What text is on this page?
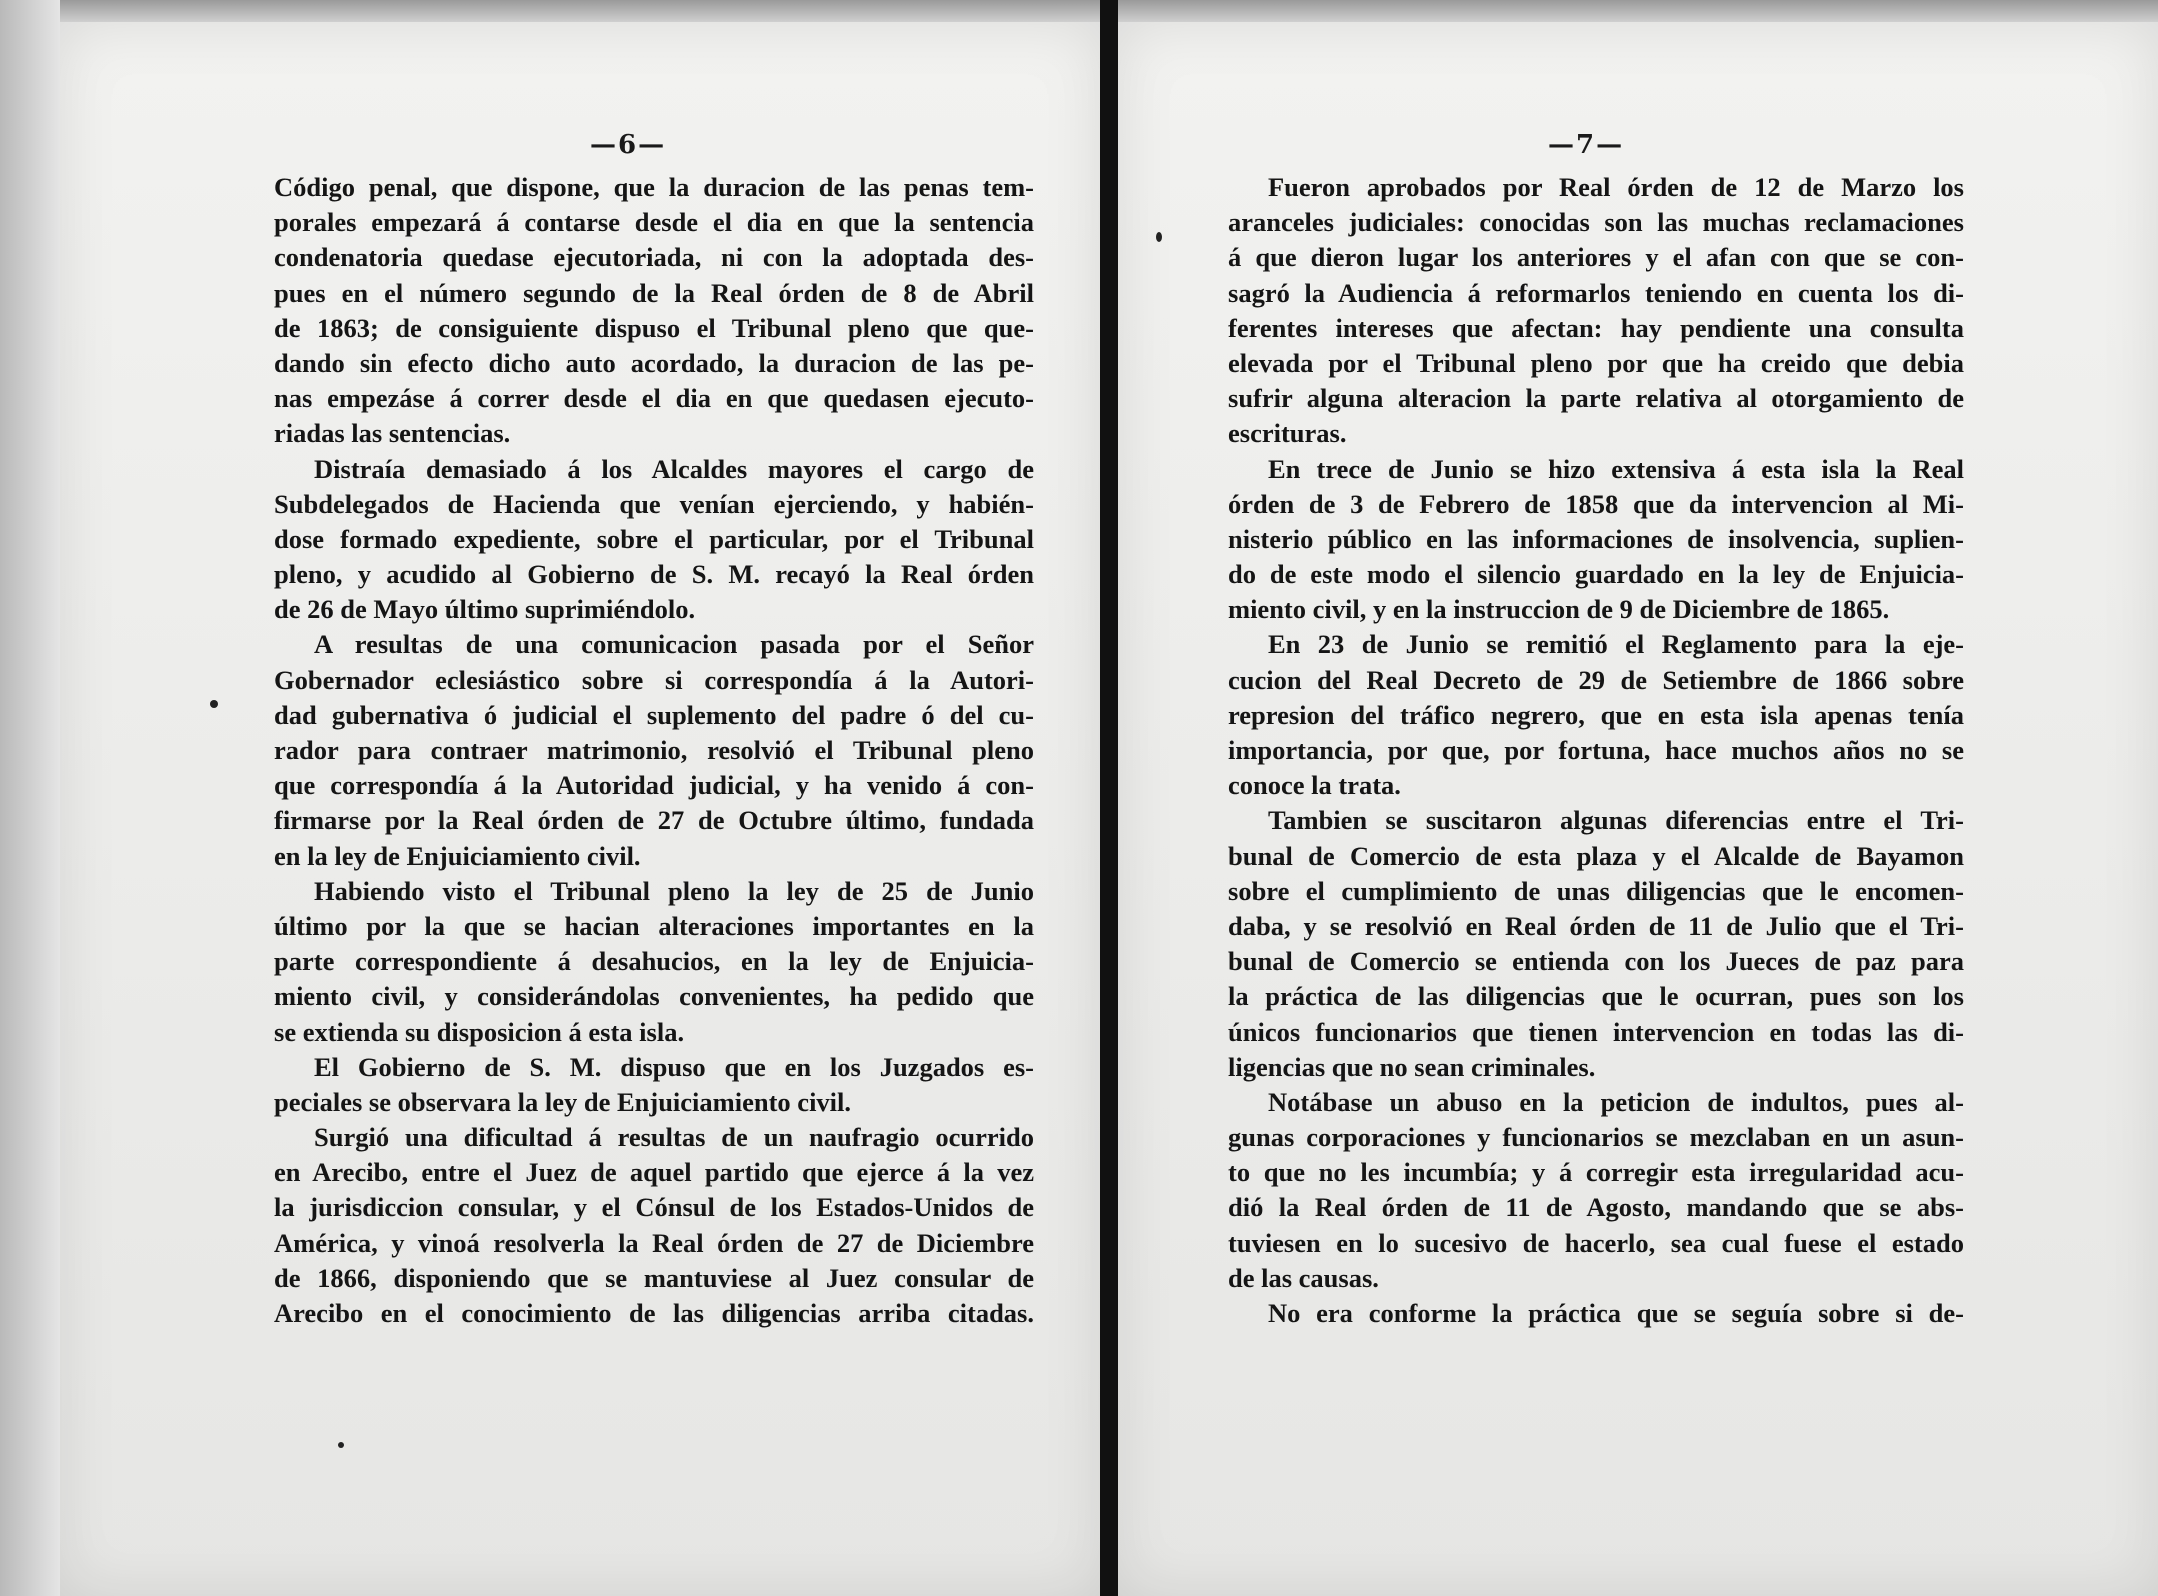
—6—
Código penal, que dispone, que la duracion de las penas tem-
porales empezará á contarse desde el dia en que la sentencia
condenatoria quedase ejecutoriada, ni con la adoptada des-
pues en el número segundo de la Real órden de 8 de Abril
de 1863; de consiguiente dispuso el Tribunal pleno que que-
dando sin efecto dicho auto acordado, la duracion de las pe-
nas empezáse á correr desde el dia en que quedasen ejecuto-
riadas las sentencias.
Distraía demasiado á los Alcaldes mayores el cargo de
Subdelegados de Hacienda que venían ejerciendo, y habién-
dose formado expediente, sobre el particular, por el Tribunal
pleno, y acudido al Gobierno de S. M. recayó la Real órden
de 26 de Mayo último suprimiéndolo.
A resultas de una comunicacion pasada por el Señor
Gobernador eclesiástico sobre si correspondía á la Autori-
dad gubernativa ó judicial el suplemento del padre ó del cu-
rador para contraer matrimonio, resolvió el Tribunal pleno
que correspondía á la Autoridad judicial, y ha venido á con-
firmarse por la Real órden de 27 de Octubre último, fundada
en la ley de Enjuiciamiento civil.
Habiendo visto el Tribunal pleno la ley de 25 de Junio
último por la que se hacian alteraciones importantes en la
parte correspondiente á desahucios, en la ley de Enjuicia-
miento civil, y considerándolas convenientes, ha pedido que
se extienda su disposicion á esta isla.
El Gobierno de S. M. dispuso que en los Juzgados es-
peciales se observara la ley de Enjuiciamiento civil.
Surgió una dificultad á resultas de un naufragio ocurrido
en Arecibo, entre el Juez de aquel partido que ejerce á la vez
la jurisdiccion consular, y el Cónsul de los Estados-Unidos de
América, y vinoá resolverla la Real órden de 27 de Diciembre
de 1866, disponiendo que se mantuviese al Juez consular de
Arecibo en el conocimiento de las diligencias arriba citadas.
—7—
Fueron aprobados por Real órden de 12 de Marzo los
aranceles judiciales: conocidas son las muchas reclamaciones
á que dieron lugar los anteriores y el afan con que se con-
sagró la Audiencia á reformarlos teniendo en cuenta los di-
ferentes intereses que afectan: hay pendiente una consulta
elevada por el Tribunal pleno por que ha creido que debia
sufrir alguna alteracion la parte relativa al otorgamiento de
escrituras.
En trece de Junio se hizo extensiva á esta isla la Real
órden de 3 de Febrero de 1858 que da intervencion al Mi-
nisterio público en las informaciones de insolvencia, suplien-
do de este modo el silencio guardado en la ley de Enjuicia-
miento civil, y en la instruccion de 9 de Diciembre de 1865.
En 23 de Junio se remitió el Reglamento para la eje-
cucion del Real Decreto de 29 de Setiembre de 1866 sobre
represion del tráfico negrero, que en esta isla apenas tenía
importancia, por que, por fortuna, hace muchos años no se
conoce la trata.
Tambien se suscitaron algunas diferencias entre el Tri-
bunal de Comercio de esta plaza y el Alcalde de Bayamon
sobre el cumplimiento de unas diligencias que le encomen-
daba, y se resolvió en Real órden de 11 de Julio que el Tri-
bunal de Comercio se entienda con los Jueces de paz para
la práctica de las diligencias que le ocurran, pues son los
únicos funcionarios que tienen intervencion en todas las di-
ligencias que no sean criminales.
Notábase un abuso en la peticion de indultos, pues al-
gunas corporaciones y funcionarios se mezclaban en un asun-
to que no les incumbía; y á corregir esta irregularidad acu-
dió la Real órden de 11 de Agosto, mandando que se abs-
tuviesen en lo sucesivo de hacerlo, sea cual fuese el estado
de las causas.
No era conforme la práctica que se seguía sobre si de-
